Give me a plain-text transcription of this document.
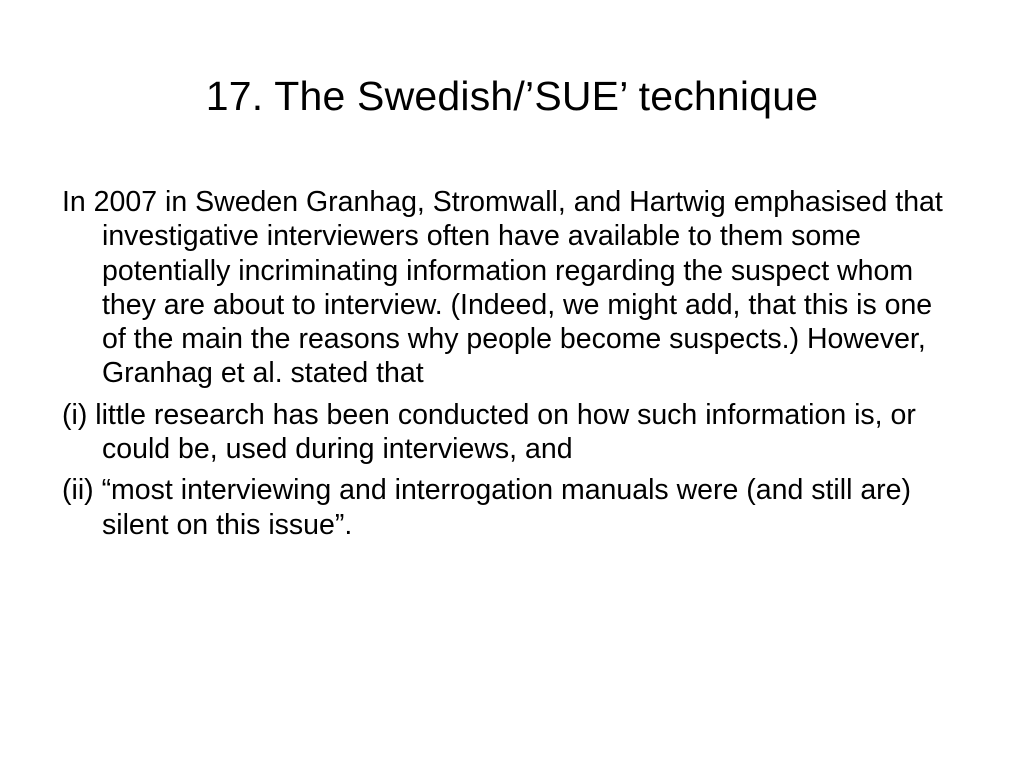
17. The Swedish/’SUE’ technique
In 2007 in Sweden Granhag, Stromwall, and Hartwig emphasised that investigative interviewers often have available to them some potentially incriminating information regarding the suspect whom they are about to interview. (Indeed, we might add, that this is one of the main the reasons why people become suspects.) However, Granhag et al. stated that
(i) little research has been conducted on how such information is, or could be, used during interviews, and
(ii) “most interviewing and interrogation manuals were (and still are) silent on this issue”.
